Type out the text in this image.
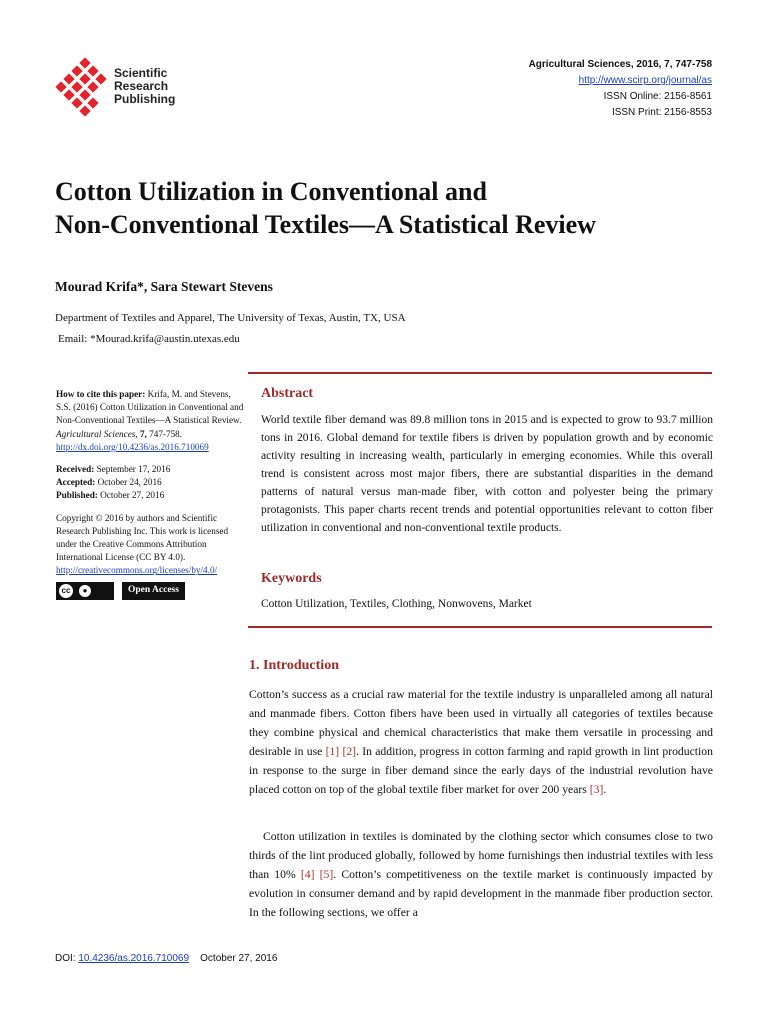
Scientific
Research
Publishing
Agricultural Sciences, 2016, 7, 747-758
http://www.scirp.org/journal/as
ISSN Online: 2156-8561
ISSN Print: 2156-8553
Cotton Utilization in Conventional and
Non-Conventional Textiles—A Statistical Review
Mourad Krifa*, Sara Stewart Stevens
Department of Textiles and Apparel, The University of Texas, Austin, TX, USA
Email: *Mourad.krifa@austin.utexas.edu
How to cite this paper: Krifa, M. and Stevens, S.S. (2016) Cotton Utilization in Conventional and Non-Conventional Textiles—A Statistical Review. Agricultural Sciences, 7, 747-758.
http://dx.doi.org/10.4236/as.2016.710069
Received: September 17, 2016
Accepted: October 24, 2016
Published: October 27, 2016
Copyright © 2016 by authors and Scientific Research Publishing Inc. This work is licensed under the Creative Commons Attribution International License (CC BY 4.0).
http://creativecommons.org/licenses/by/4.0/
cc	●	Open Access
Abstract
World textile fiber demand was 89.8 million tons in 2015 and is expected to grow to 93.7 million tons in 2016. Global demand for textile fibers is driven by population growth and by economic activity resulting in increasing wealth, particularly in emerging economies. While this overall trend is consistent across most major fibers, there are substantial disparities in the demand patterns of natural versus man-made fiber, with cotton and polyester being the primary protagonists. This paper charts recent trends and potential opportunities relevant to cotton fiber utilization in conventional and non-conventional textile products.
Keywords
Cotton Utilization, Textiles, Clothing, Nonwovens, Market
1. Introduction
Cotton’s success as a crucial raw material for the textile industry is unparalleled among all natural and manmade fibers. Cotton fibers have been used in virtually all categories of textiles because they combine physical and chemical characteristics that make them versatile in processing and desirable in use [1] [2]. In addition, progress in cotton farming and rapid growth in lint production in response to the surge in fiber demand since the early days of the industrial revolution have placed cotton on top of the global textile fiber market for over 200 years [3].
Cotton utilization in textiles is dominated by the clothing sector which consumes close to two thirds of the lint produced globally, followed by home furnishings then industrial textiles with less than 10% [4] [5]. Cotton’s competitiveness on the textile market is continuously impacted by evolution in consumer demand and by rapid development in the manmade fiber production sector. In the following sections, we offer a
DOI: 10.4236/as.2016.710069 October 27, 2016
